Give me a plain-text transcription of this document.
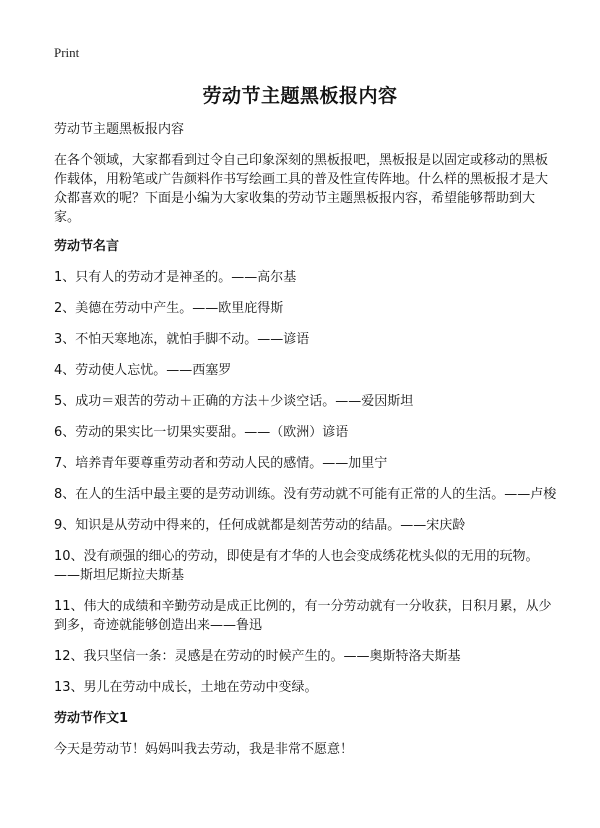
Print
劳动节主题黑板报内容

劳动节主题黑板报内容

在各个领域，大家都看到过令自己印象深刻的黑板报吧，黑板报是以固定或移动的黑板作载体，用粉笔或广告颜料作书写绘画工具的普及性宣传阵地。什么样的黑板报才是大众都喜欢的呢？下面是小编为大家收集的劳动节主题黑板报内容，希望能够帮助到大家。

劳动节名言

1、只有人的劳动才是神圣的。——高尔基

2、美德在劳动中产生。——欧里庇得斯

3、不怕天寒地冻，就怕手脚不动。——谚语

4、劳动使人忘忧。——西塞罗

5、成功＝艰苦的劳动＋正确的方法＋少谈空话。——爱因斯坦

6、劳动的果实比一切果实要甜。——（欧洲）谚语

7、培养青年要尊重劳动者和劳动人民的感情。——加里宁

8、在人的生活中最主要的是劳动训练。没有劳动就不可能有正常的人的生活。——卢梭

9、知识是从劳动中得来的，任何成就都是刻苦劳动的结晶。——宋庆龄

10、没有顽强的细心的劳动，即使是有才华的人也会变成绣花枕头似的无用的玩物。——斯坦尼斯拉夫斯基

11、伟大的成绩和辛勤劳动是成正比例的，有一分劳动就有一分收获，日积月累，从少到多，奇迹就能够创造出来——鲁迅

12、我只坚信一条：灵感是在劳动的时候产生的。——奥斯特洛夫斯基

13、男儿在劳动中成长，土地在劳动中变绿。

劳动节作文1

今天是劳动节！妈妈叫我去劳动，我是非常不愿意！
